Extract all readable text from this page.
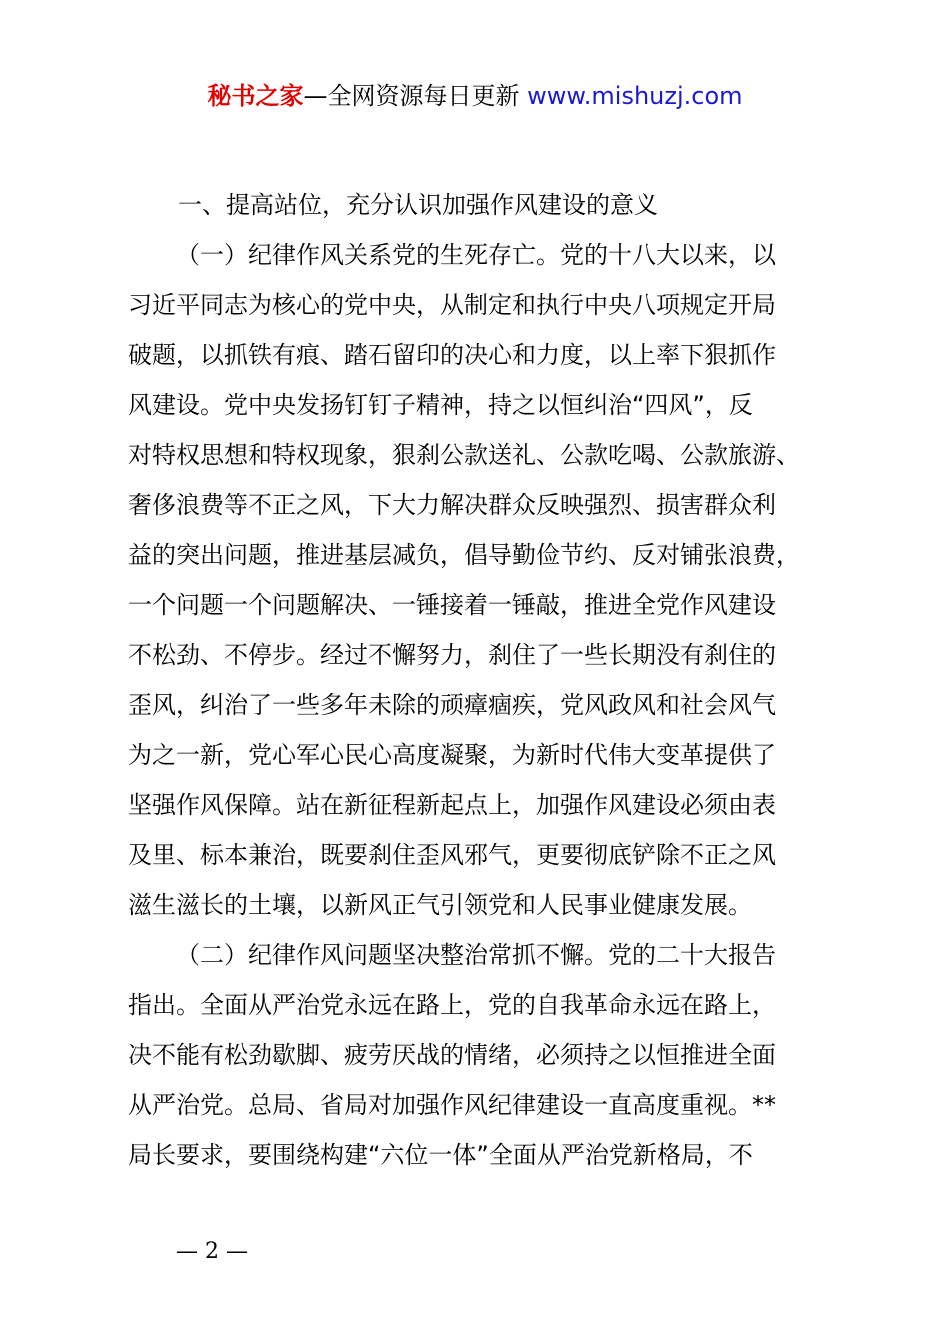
秘书之家—全网资源每日更新 www.mishuzj.com
一、提高站位，充分认识加强作风建设的意义
（一）纪律作风关系党的生死存亡。党的十八大以来，以
习近平同志为核心的党中央，从制定和执行中央八项规定开局
破题，以抓铁有痕、踏石留印的决心和力度，以上率下狠抓作
风建设。党中央发扬钉钉子精神，持之以恒纠治“四风”，反
对特权思想和特权现象，狠刹公款送礼、公款吃喝、公款旅游、
奢侈浪费等不正之风，下大力解决群众反映强烈、损害群众利
益的突出问题，推进基层减负，倡导勤俭节约、反对铺张浪费，
一个问题一个问题解决、一锤接着一锤敲，推进全党作风建设
不松劲、不停步。经过不懈努力，刹住了一些长期没有刹住的
歪风，纠治了一些多年未除的顽瘴痼疾，党风政风和社会风气
为之一新，党心军心民心高度凝聚，为新时代伟大变革提供了
坚强作风保障。站在新征程新起点上，加强作风建设必须由表
及里、标本兼治，既要刹住歪风邪气，更要彻底铲除不正之风
滋生滋长的土壤，以新风正气引领党和人民事业健康发展。
（二）纪律作风问题坚决整治常抓不懈。党的二十大报告
指出。全面从严治党永远在路上，党的自我革命永远在路上，
决不能有松劲歇脚、疲劳厌战的情绪，必须持之以恒推进全面
从严治党。总局、省局对加强作风纪律建设一直高度重视。**
局长要求，要围绕构建“六位一体”全面从严治党新格局，不
— 2 —
